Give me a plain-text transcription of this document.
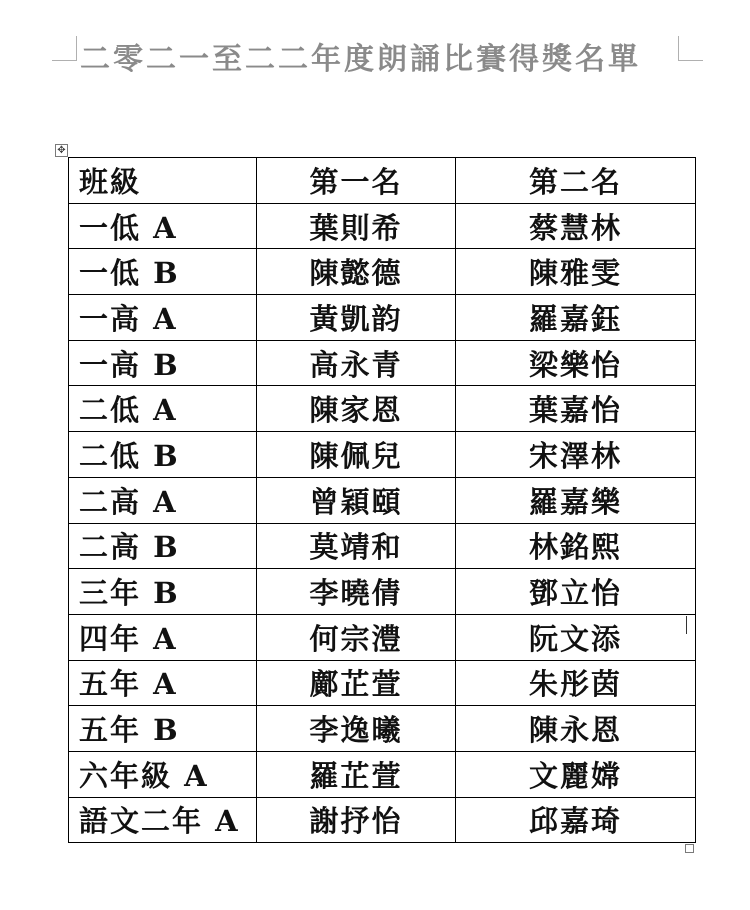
二零二一至二二年度朗誦比賽得獎名單
✥
班級	第一名	第二名
一低 A	葉則希	蔡慧林
一低 B	陳懿德	陳雅雯
一高 A	黃凱韵	羅嘉鈺
一高 B	高永青	梁樂怡
二低 A	陳家恩	葉嘉怡
二低 B	陳佩兒	宋澤林
二高 A	曾穎頤	羅嘉樂
二高 B	莫靖和	林銘熙
三年 B	李曉倩	鄧立怡
四年 A	何宗澧	阮文添
五年 A	鄺芷萱	朱彤茵
五年 B	李逸曦	陳永恩
六年級 A	羅芷萱	文麗嫦
語文二年 A	謝抒怡	邱嘉琦
